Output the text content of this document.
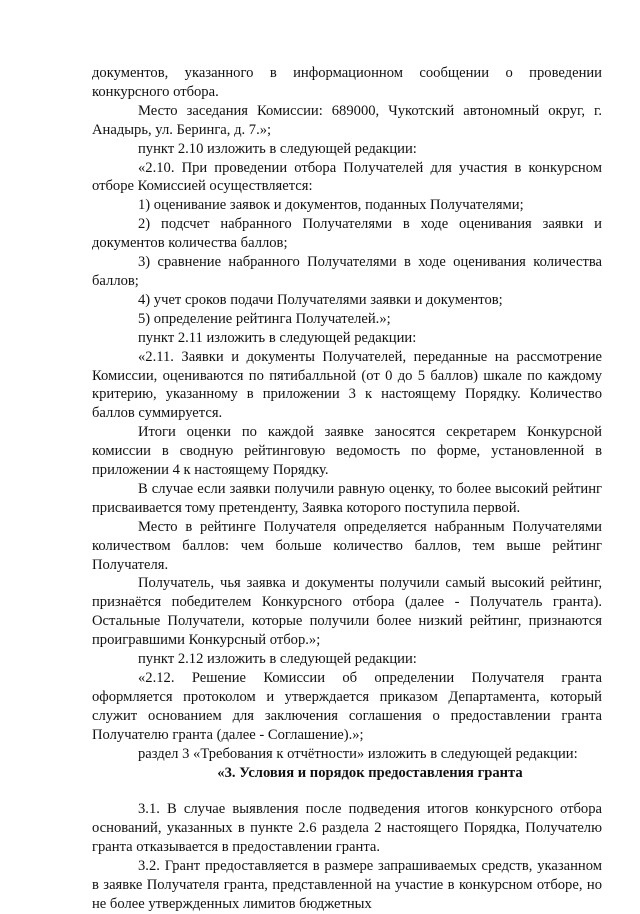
документов, указанного в информационном сообщении о проведении конкурсного отбора.

Место заседания Комиссии: 689000, Чукотский автономный округ, г. Анадырь, ул. Беринга, д. 7.»;

пункт 2.10 изложить в следующей редакции:

«2.10. При проведении отбора Получателей для участия в конкурсном отборе Комиссией осуществляется:

1) оценивание заявок и документов, поданных Получателями;

2) подсчет набранного Получателями в ходе оценивания заявки и документов количества баллов;

3) сравнение набранного Получателями в ходе оценивания количества баллов;

4) учет сроков подачи Получателями заявки и документов;

5) определение рейтинга Получателей.»;

пункт 2.11 изложить в следующей редакции:

«2.11. Заявки и документы Получателей, переданные на рассмотрение Комиссии, оцениваются по пятибалльной (от 0 до 5 баллов) шкале по каждому критерию, указанному в приложении 3 к настоящему Порядку. Количество баллов суммируется.

Итоги оценки по каждой заявке заносятся секретарем Конкурсной комиссии в сводную рейтинговую ведомость по форме, установленной в приложении 4 к настоящему Порядку.

В случае если заявки получили равную оценку, то более высокий рейтинг присваивается тому претенденту, Заявка которого поступила первой.

Место в рейтинге Получателя определяется набранным Получателями количеством баллов: чем больше количество баллов, тем выше рейтинг Получателя.

Получатель, чья заявка и документы получили самый высокий рейтинг, признаётся победителем Конкурсного отбора (далее - Получатель гранта). Остальные Получатели, которые получили более низкий рейтинг, признаются проигравшими Конкурсный отбор.»;

пункт 2.12 изложить в следующей редакции:

«2.12. Решение Комиссии об определении Получателя гранта оформляется протоколом и утверждается приказом Департамента, который служит основанием для заключения соглашения о предоставлении гранта Получателю гранта (далее - Соглашение).»;

раздел 3 «Требования к отчётности» изложить в следующей редакции:

«3. Условия и порядок предоставления гранта

3.1. В случае выявления после подведения итогов конкурсного отбора оснований, указанных в пункте 2.6 раздела 2 настоящего Порядка, Получателю гранта отказывается в предоставлении гранта.

3.2. Грант предоставляется в размере запрашиваемых средств, указанном в заявке Получателя гранта, представленной на участие в конкурсном отборе, но не более утвержденных лимитов бюджетных
